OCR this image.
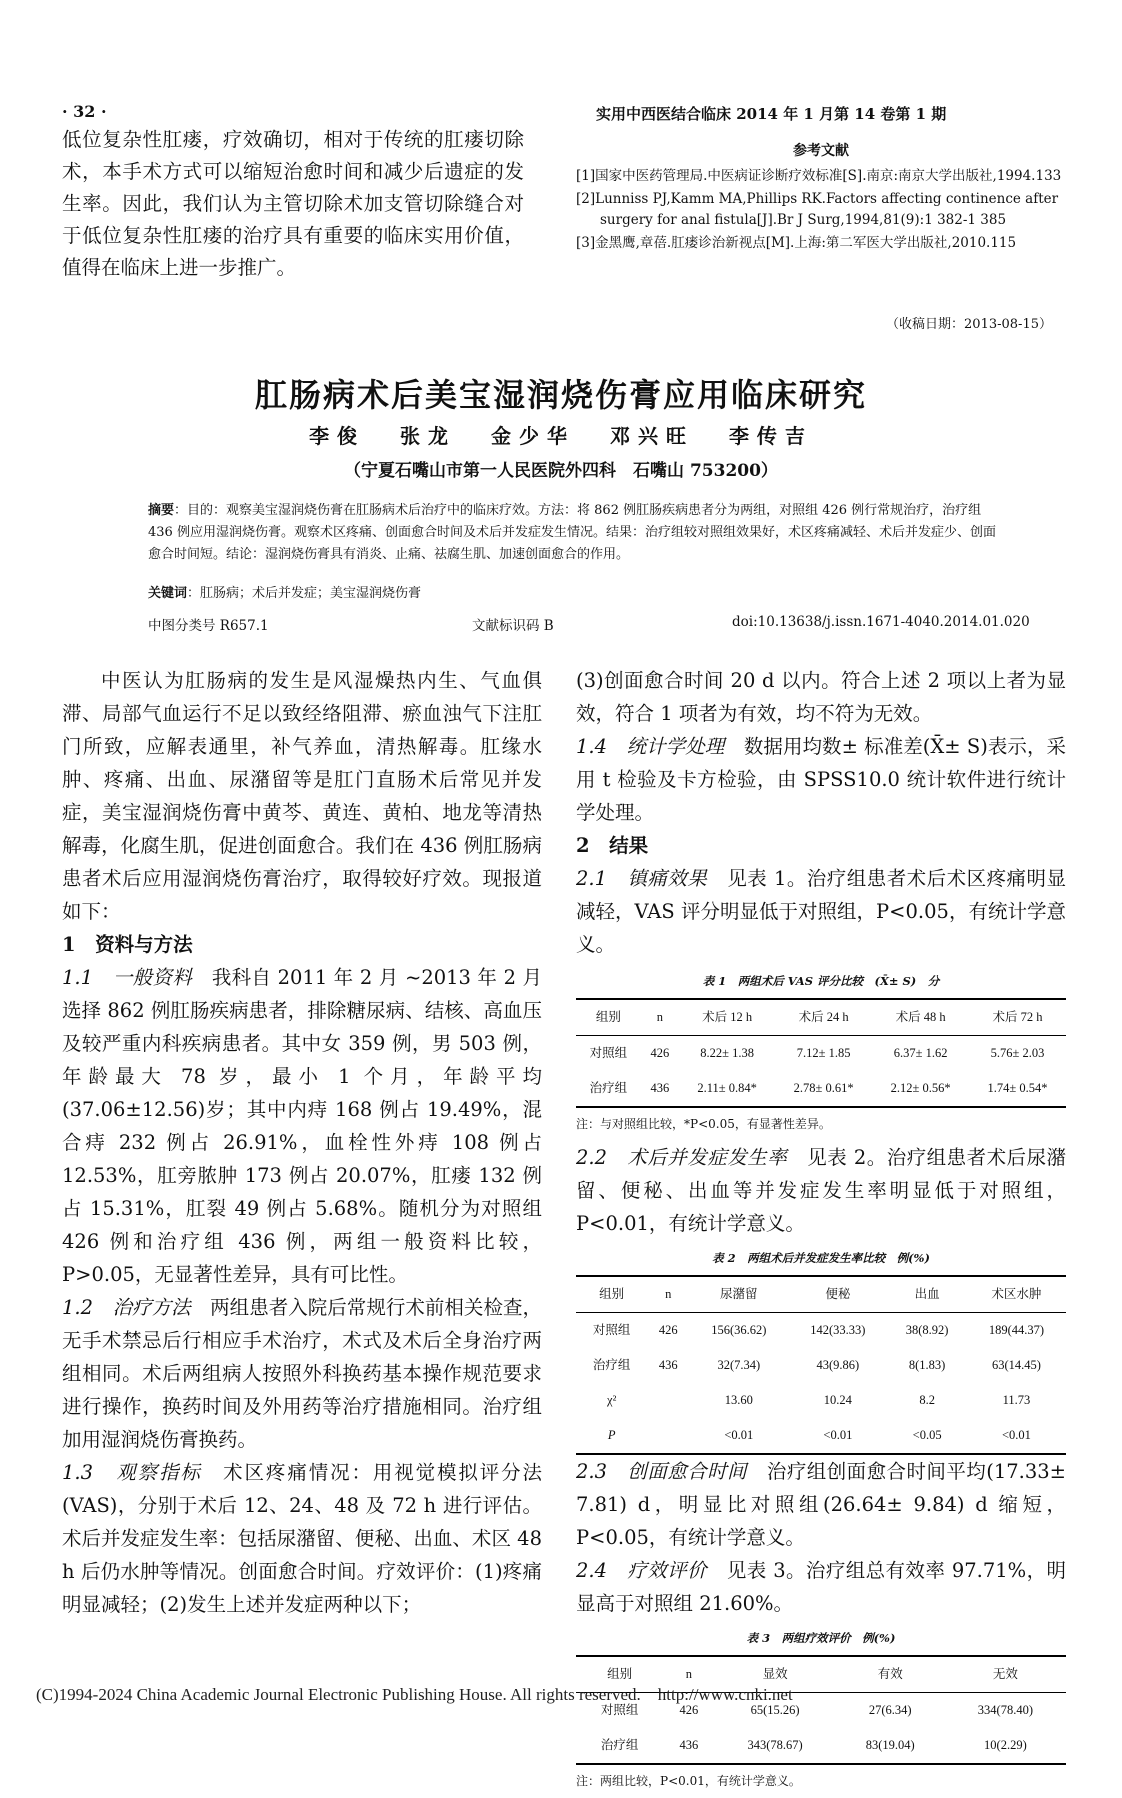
· 32 ·	实用中西医结合临床 2014 年 1 月第 14 卷第 1 期

低位复杂性肛瘘，疗效确切，相对于传统的肛瘘切除术，本手术方式可以缩短治愈时间和减少后遗症的发生率。因此，我们认为主管切除术加支管切除缝合对于低位复杂性肛瘘的治疗具有重要的临床实用价值，值得在临床上进一步推广。

参考文献

[1]国家中医药管理局.中医病证诊断疗效标准[S].南京:南京大学出版社,1994.133

[2]Lunniss PJ,Kamm MA,Phillips RK.Factors affecting continence after surgery for anal fistula[J].Br J Surg,1994,81(9):1 382-1 385

[3]金黑鹰,章蓓.肛瘘诊治新视点[M].上海:第二军医大学出版社,2010.115

（收稿日期：2013-08-15）
肛肠病术后美宝湿润烧伤膏应用临床研究
李俊 张龙 金少华 邓兴旺 李传吉
（宁夏石嘴山市第一人民医院外四科　石嘴山 753200）
摘要：目的：观察美宝湿润烧伤膏在肛肠病术后治疗中的临床疗效。方法：将 862 例肛肠疾病患者分为两组，对照组 426 例行常规治疗，治疗组 436 例应用湿润烧伤膏。观察术区疼痛、创面愈合时间及术后并发症发生情况。结果：治疗组较对照组效果好，术区疼痛减轻、术后并发症少、创面愈合时间短。结论：湿润烧伤膏具有消炎、止痛、祛腐生肌、加速创面愈合的作用。
关键词：肛肠病；术后并发症；美宝湿润烧伤膏
中图分类号 R657.1	文献标识码 B	doi:10.13638/j.issn.1671-4040.2014.01.020

中医认为肛肠病的发生是风湿燥热内生、气血俱滞、局部气血运行不足以致经络阻滞、瘀血浊气下注肛门所致，应解表通里，补气养血，清热解毒。肛缘水肿、疼痛、出血、尿潴留等是肛门直肠术后常见并发症，美宝湿润烧伤膏中黄芩、黄连、黄柏、地龙等清热解毒，化腐生肌，促进创面愈合。我们在 436 例肛肠病患者术后应用湿润烧伤膏治疗，取得较好疗效。现报道如下：

1　资料与方法

1.1　一般资料　我科自 2011 年 2 月 ~2013 年 2 月选择 862 例肛肠疾病患者，排除糖尿病、结核、高血压及较严重内科疾病患者。其中女 359 例，男 503 例，年龄最大 78 岁，最小 1 个月，年龄平均(37.06±12.56)岁；其中内痔 168 例占 19.49%，混合痔 232 例占 26.91%，血栓性外痔 108 例占 12.53%，肛旁脓肿 173 例占 20.07%，肛瘘 132 例占 15.31%，肛裂 49 例占 5.68%。随机分为对照组 426 例和治疗组 436 例，两组一般资料比较，P>0.05，无显著性差异，具有可比性。

1.2　治疗方法　两组患者入院后常规行术前相关检查，无手术禁忌后行相应手术治疗，术式及术后全身治疗两组相同。术后两组病人按照外科换药基本操作规范要求进行操作，换药时间及外用药等治疗措施相同。治疗组加用湿润烧伤膏换药。

1.3　观察指标　术区疼痛情况：用视觉模拟评分法(VAS)，分别于术后 12、24、48 及 72 h 进行评估。术后并发症发生率：包括尿潴留、便秘、出血、术区 48 h 后仍水肿等情况。创面愈合时间。疗效评价：(1)疼痛明显减轻；(2)发生上述并发症两种以下；

(3)创面愈合时间 20 d 以内。符合上述 2 项以上者为显效，符合 1 项者为有效，均不符为无效。

1.4　统计学处理　数据用均数± 标准差(X̄± S)表示，采用 t 检验及卡方检验，由 SPSS10.0 统计软件进行统计学处理。

2　结果

2.1　镇痛效果　见表 1。治疗组患者术后术区疼痛明显减轻，VAS 评分明显低于对照组，P<0.05，有统计学意义。

表 1　两组术后 VAS 评分比较　(X̄± S)　分
组别	n	术后 12 h	术后 24 h	术后 48 h	术后 72 h
对照组	426	8.22± 1.38	7.12± 1.85	6.37± 1.62	5.76± 2.03
治疗组	436	2.11± 0.84*	2.78± 0.61*	2.12± 0.56*	1.74± 0.54*
注：与对照组比较，*P<0.05，有显著性差异。

2.2　术后并发症发生率　见表 2。治疗组患者术后尿潴留、便秘、出血等并发症发生率明显低于对照组，P<0.01，有统计学意义。

表 2　两组术后并发症发生率比较　例(%)
组别	n	尿潴留	便秘	出血	术区水肿
对照组	426	156(36.62)	142(33.33)	38(8.92)	189(44.37)
治疗组	436	32(7.34)	43(9.86)	8(1.83)	63(14.45)
χ²		13.60	10.24	8.2	11.73
P		<0.01	<0.01	<0.05	<0.01

2.3　创面愈合时间　治疗组创面愈合时间平均(17.33± 7.81) d，明显比对照组(26.64± 9.84) d 缩短，P<0.05，有统计学意义。

2.4　疗效评价　见表 3。治疗组总有效率 97.71%，明显高于对照组 21.60%。

表 3　两组疗效评价　例(%)
组别	n	显效	有效	无效
对照组	426	65(15.26)	27(6.34)	334(78.40)
治疗组	436	343(78.67)	83(19.04)	10(2.29)
注：两组比较，P<0.01，有统计学意义。
(C)1994-2024 China Academic Journal Electronic Publishing House. All rights reserved.　http://www.cnki.net
